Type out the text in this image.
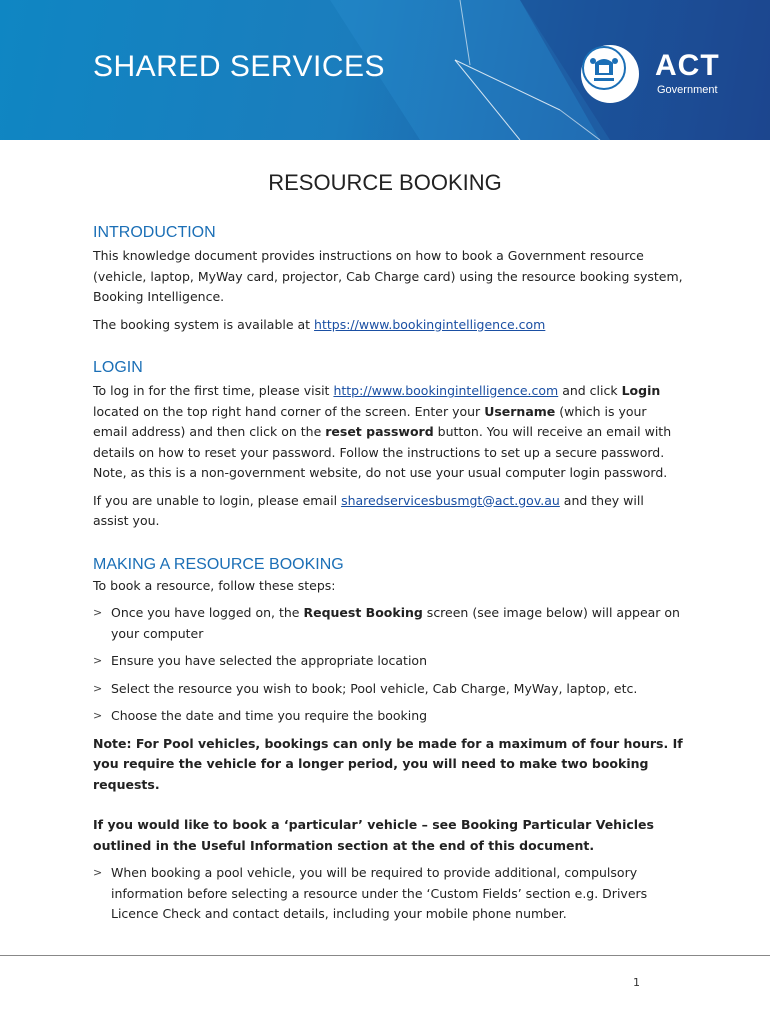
SHARED SERVICES	ACT
Government
RESOURCE BOOKING
INTRODUCTION

This knowledge document provides instructions on how to book a Government resource (vehicle, laptop, MyWay card, projector, Cab Charge card) using the resource booking system, Booking Intelligence.

The booking system is available at https://www.bookingintelligence.com

LOGIN

To log in for the first time, please visit http://www.bookingintelligence.com and click Login located on the top right hand corner of the screen. Enter your Username (which is your email address) and then click on the reset password button. You will receive an email with details on how to reset your password. Follow the instructions to set up a secure password. Note, as this is a non-government website, do not use your usual computer login password.

If you are unable to login, please email sharedservicesbusmgt@act.gov.au and they will assist you.

MAKING A RESOURCE BOOKING

To book a resource, follow these steps:

> Once you have logged on, the Request Booking screen (see image below) will appear on your computer
> Ensure you have selected the appropriate location
> Select the resource you wish to book; Pool vehicle, Cab Charge, MyWay, laptop, etc.
> Choose the date and time you require the booking

Note: For Pool vehicles, bookings can only be made for a maximum of four hours. If you require the vehicle for a longer period, you will need to make two booking requests.

If you would like to book a ‘particular’ vehicle – see Booking Particular Vehicles outlined in the Useful Information section at the end of this document.

> When booking a pool vehicle, you will be required to provide additional, compulsory information before selecting a resource under the ‘Custom Fields’ section e.g. Drivers Licence Check and contact details, including your mobile phone number.
1
